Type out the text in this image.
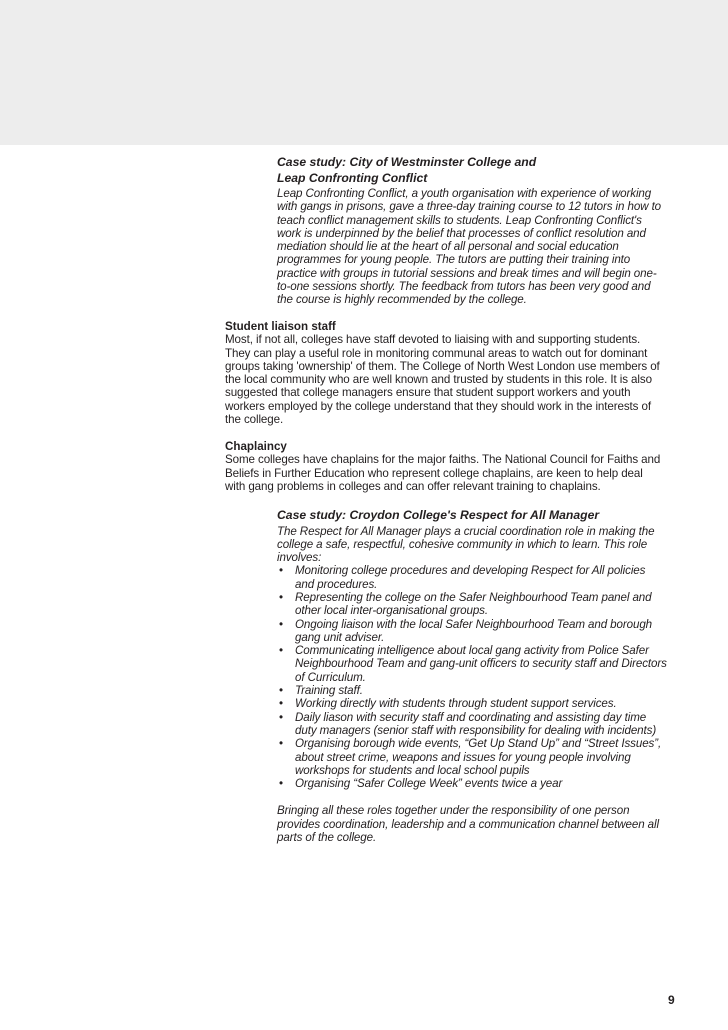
Case study: City of Westminster College and
Leap Confronting Conflict

Leap Confronting Conflict, a youth organisation with experience of working with gangs in prisons, gave a three-day training course to 12 tutors in how to teach conflict management skills to students. Leap Confronting Conflict's work is underpinned by the belief that processes of conflict resolution and mediation should lie at the heart of all personal and social education programmes for young people. The tutors are putting their training into practice with groups in tutorial sessions and break times and will begin one-to-one sessions shortly. The feedback from tutors has been very good and the course is highly recommended by the college.

Student liaison staff

Most, if not all, colleges have staff devoted to liaising with and supporting students. They can play a useful role in monitoring communal areas to watch out for dominant groups taking 'ownership' of them. The College of North West London use members of the local community who are well known and trusted by students in this role. It is also suggested that college managers ensure that student support workers and youth workers employed by the college understand that they should work in the interests of the college.

Chaplaincy

Some colleges have chaplains for the major faiths. The National Council for Faiths and Beliefs in Further Education who represent college chaplains, are keen to help deal with gang problems in colleges and can offer relevant training to chaplains.

Case study: Croydon College's Respect for All Manager

The Respect for All Manager plays a crucial coordination role in making the college a safe, respectful, cohesive community in which to learn. This role involves:

• Monitoring college procedures and developing Respect for All policies and procedures.
• Representing the college on the Safer Neighbourhood Team panel and other local inter-organisational groups.
• Ongoing liaison with the local Safer Neighbourhood Team and borough gang unit adviser.
• Communicating intelligence about local gang activity from Police Safer Neighbourhood Team and gang-unit officers to security staff and Directors of Curriculum.
• Training staff.
• Working directly with students through student support services.
• Daily liason with security staff and coordinating and assisting day time duty managers (senior staff with responsibility for dealing with incidents)
• Organising borough wide events, “Get Up Stand Up” and “Street Issues”, about street crime, weapons and issues for young people involving workshops for students and local school pupils
• Organising “Safer College Week” events twice a year

Bringing all these roles together under the responsibility of one person provides coordination, leadership and a communication channel between all parts of the college.

9
